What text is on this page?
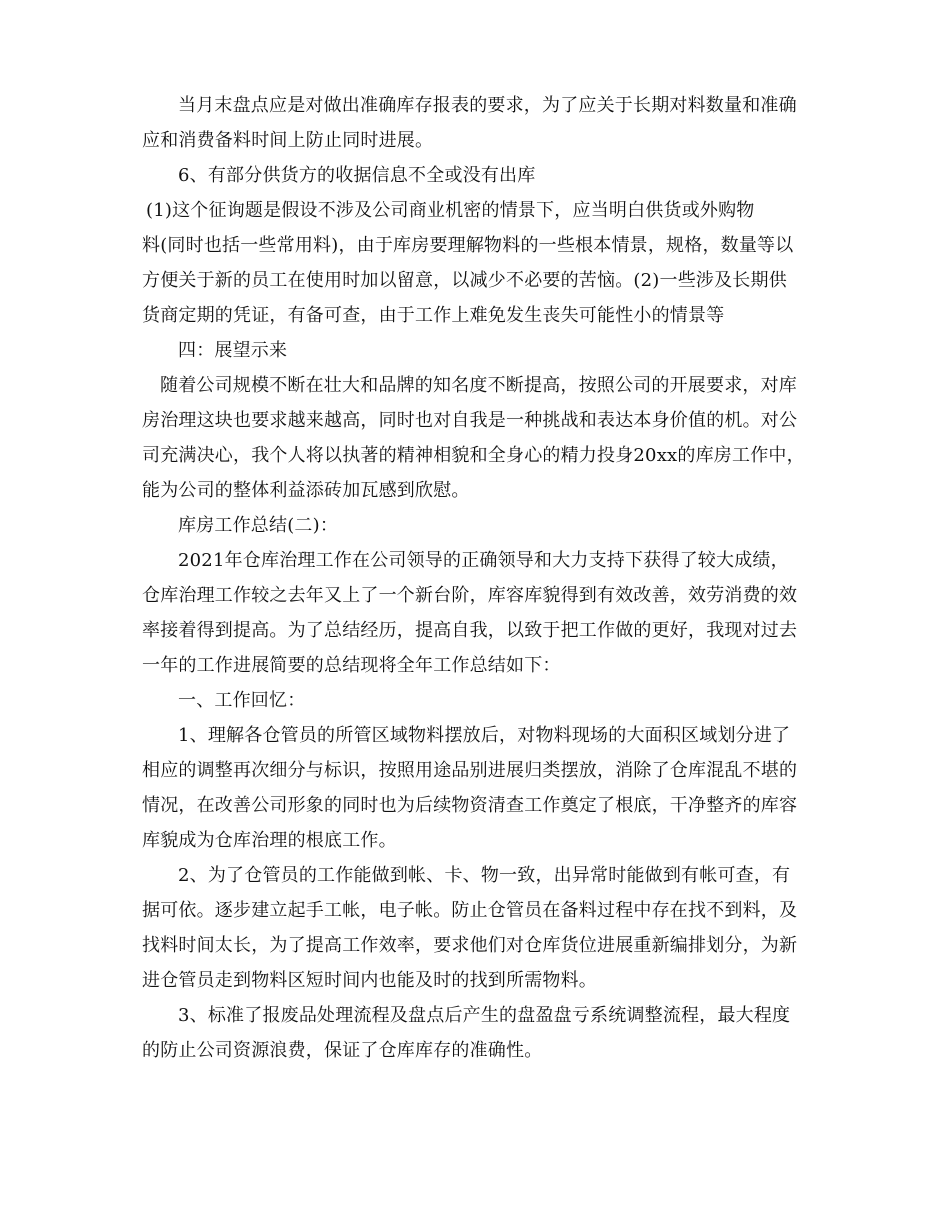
当月末盘点应是对做出准确库存报表的要求，为了应关于长期对料数量和准确
应和消费备料时间上防止同时进展。
6、有部分供货方的收据信息不全或没有出库
(1)这个征询题是假设不涉及公司商业机密的情景下，应当明白供货或外购物
料(同时也括一些常用料)，由于库房要理解物料的一些根本情景，规格，数量等以
方便关于新的员工在使用时加以留意，以减少不必要的苦恼。(2)一些涉及长期供
货商定期的凭证，有备可查，由于工作上难免发生丧失可能性小的情景等
四：展望示来
随着公司规模不断在壮大和品牌的知名度不断提高，按照公司的开展要求，对库
房治理这块也要求越来越高，同时也对自我是一种挑战和表达本身价值的机。对公
司充满决心，我个人将以执著的精神相貌和全身心的精力投身20xx的库房工作中，
能为公司的整体利益添砖加瓦感到欣慰。
库房工作总结(二)：
2021年仓库治理工作在公司领导的正确领导和大力支持下获得了较大成绩，
仓库治理工作较之去年又上了一个新台阶，库容库貌得到有效改善，效劳消费的效
率接着得到提高。为了总结经历，提高自我，以致于把工作做的更好，我现对过去
一年的工作进展简要的总结现将全年工作总结如下：
一、工作回忆：
1、理解各仓管员的所管区域物料摆放后，对物料现场的大面积区域划分进了
相应的调整再次细分与标识，按照用途品别进展归类摆放，消除了仓库混乱不堪的
情况，在改善公司形象的同时也为后续物资清查工作奠定了根底，干净整齐的库容
库貌成为仓库治理的根底工作。
2、为了仓管员的工作能做到帐、卡、物一致，出异常时能做到有帐可查，有
据可依。逐步建立起手工帐，电子帐。防止仓管员在备料过程中存在找不到料，及
找料时间太长，为了提高工作效率，要求他们对仓库货位进展重新编排划分，为新
进仓管员走到物料区短时间内也能及时的找到所需物料。
3、标准了报废品处理流程及盘点后产生的盘盈盘亏系统调整流程，最大程度
的防止公司资源浪费，保证了仓库库存的准确性。
